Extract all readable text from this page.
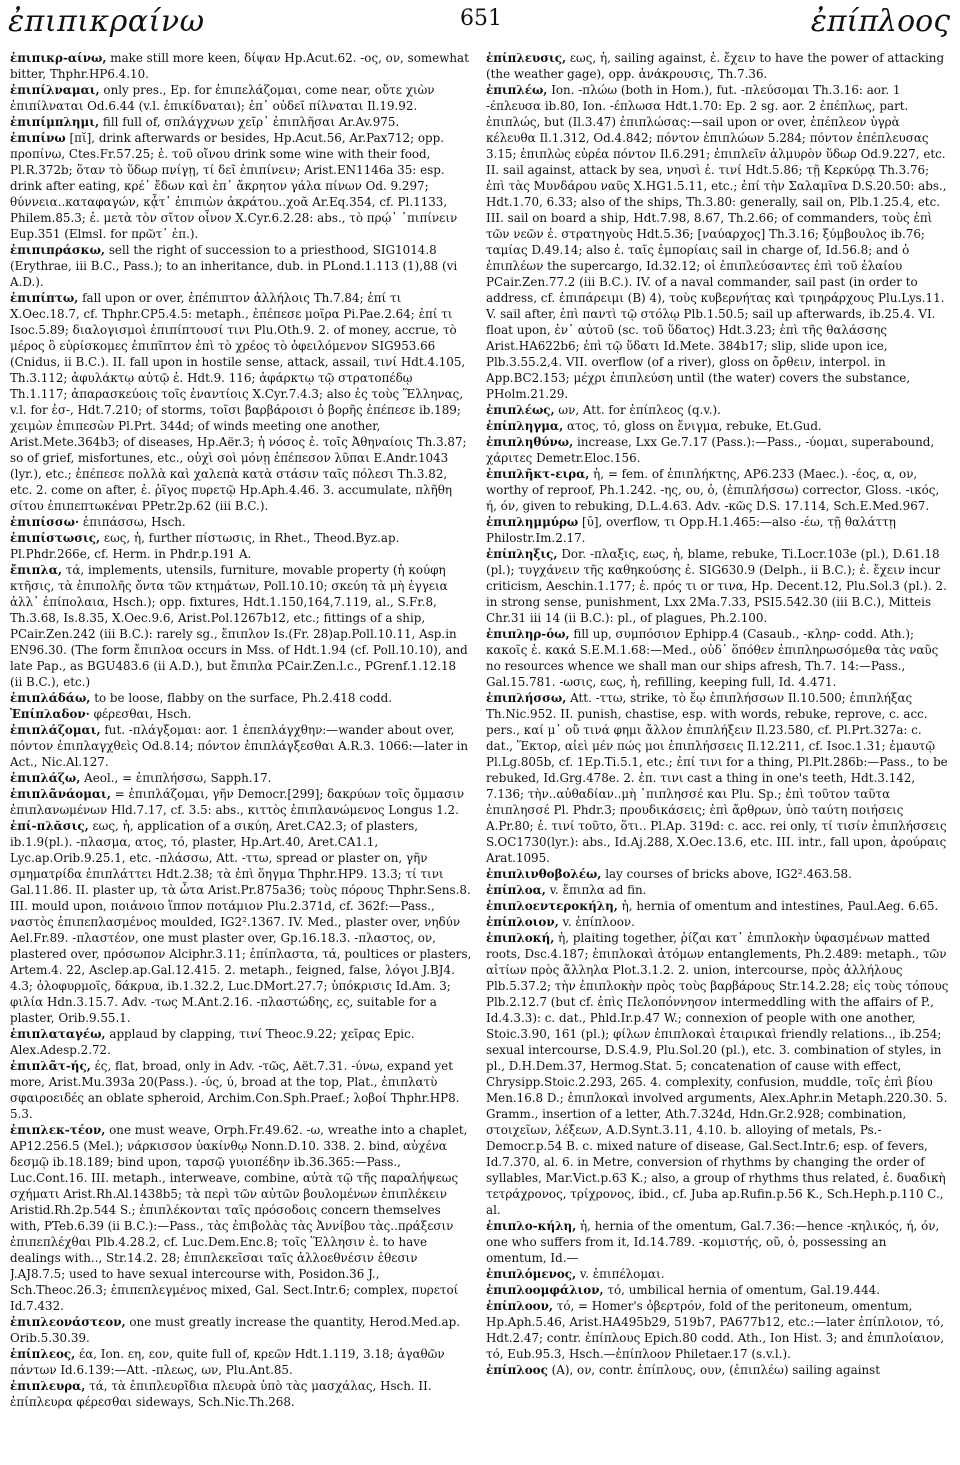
ἐπιπικραίνω	651	ἐπίπλοος

ἐπιπικρ-αίνω, make still more keen, δίψαν Hp.Acut.62. -ος, ον, somewhat bitter, Thphr.HP6.4.10.

ἐπιπίλναμαι, only pres., Ep. for ἐπιπελάζομαι, come near, οὔτε χιὼν ἐπιπίλναται Od.6.44 (v.l. ἐπικίδναται); ἐπ᾽ οὐδεῖ πίλναται Il.19.92.

ἐπιπίμπλημι, fill full of, σπλάγχνων χεῖρ᾽ ἐπιπλῆσαι Ar.Av.975.

ἐπιπίνω [πῐ], drink afterwards or besides, Hp.Acut.56, Ar.Pax712; opp. προπίνω, Ctes.Fr.57.25; ἐ. τοῦ οἴνου drink some wine with their food, Pl.R.372b; ὅταν τὸ ὕδωρ πνίγῃ, τί δεῖ ἐπιπίνειν; Arist.EN1146a 35: esp. drink after eating, κρέ᾽ ἔδων καὶ ἐπ᾽ ἄκρητον γάλα πίνων Od. 9.297; θύννεια..καταφαγών, κᾆτ᾽ ἐπιπιὼν ἀκράτου..χοᾶ Ar.Eq.354, cf. Pl.1133, Philem.85.3; ἐ. μετὰ τὸν σῖτον οἶνον X.Cyr.6.2.28: abs., τὸ πρῴ᾽ ᾽πιπίνειν Eup.351 (Elmsl. for πρῶτ᾽ ἐπ.).

ἐπιπιπράσκω, sell the right of succession to a priesthood, SIG1014.8 (Erythrae, iii B.C., Pass.); to an inheritance, dub. in PLond.1.113 (1),88 (vi A.D.).

ἐπιπίπτω, fall upon or over, ἐπέπιπτον ἀλλήλοις Th.7.84; ἐπί τι X.Oec.18.7, cf. Thphr.CP5.4.5: metaph., ἐπέπεσε μοῖρα Pi.Pae.2.64; ἐπί τι Isoc.5.89; διαλογισμοὶ ἐπιπίπτουσί τινι Plu.Oth.9. 2. of money, accrue, τὸ μέρος ὃ εὑρίσκομες ἐπιπῖπτον ἐπὶ τὸ χρέος τὸ ὀφειλόμενον SIG953.66 (Cnidus, ii B.C.). II. fall upon in hostile sense, attack, assail, τινί Hdt.4.105, Th.3.112; ἀφυλάκτῳ αὐτῷ ἐ. Hdt.9. 116; ἀφάρκτῳ τῷ στρατοπέδῳ Th.1.117; ἀπαρασκεύοις τοῖς ἐναντίοις X.Cyr.7.4.3; also ἐς τοὺς Ἕλληνας, v.l. for ἐσ-, Hdt.7.210; of storms, τοῖσι βαρβάροισι ὁ βορῆς ἐπέπεσε ib.189; χειμὼν ἐπιπεσὼν Pl.Prt. 344d; of winds meeting one another, Arist.Mete.364b3; of diseases, Hp.Aër.3; ἡ νόσος ἐ. τοῖς Ἀθηναίοις Th.3.87; so of grief, misfortunes, etc., οὐχὶ σοὶ μόνῃ ἐπέπεσον λῦπαι E.Andr.1043 (lyr.), etc.; ἐπέπεσε πολλὰ καὶ χαλεπὰ κατὰ στάσιν ταῖς πόλεσι Th.3.82, etc. 2. come on after, ἐ. ῥῖγος πυρετῷ Hp.Aph.4.46. 3. accumulate, πλῆθη σίτου ἐπιπεπτωκέναι PPetr.2p.62 (iii B.C.).

ἐπιπίσσω· ἐπιπάσσω, Hsch.

ἐπιπίστωσις, εως, ἡ, further πίστωσις, in Rhet., Theod.Byz.ap. Pl.Phdr.266e, cf. Herm. in Phdr.p.191 A.

ἔπιπλα, τά, implements, utensils, furniture, movable property (ἡ κούφη κτῆσις, τὰ ἐπιπολῆς ὄντα τῶν κτημάτων, Poll.10.10; σκεύη τὰ μὴ ἐγγεια ἀλλ᾽ ἐπίπολαια, Hsch.); opp. fixtures, Hdt.1.150,164,7.119, al., S.Fr.8, Th.3.68, Is.8.35, X.Oec.9.6, Arist.Pol.1267b12, etc.; fittings of a ship, PCair.Zen.242 (iii B.C.): rarely sg., ἔπιπλον Is.(Fr. 28)ap.Poll.10.11, Asp.in EN96.30. (The form ἔπιπλοα occurs in Mss. of Hdt.1.94 (cf. Poll.10.10), and late Pap., as BGU483.6 (ii A.D.), but ἔπιπλα PCair.Zen.l.c., PGrenf.1.12.18 (ii B.C.), etc.)

ἐπιπλάδάω, to be loose, flabby on the surface, Ph.2.418 codd.

Ἐπίπλαδον· φέρεσθαι, Hsch.

ἐπιπλάζομαι, fut. -πλάγξομαι: aor. 1 ἐπεπλάγχθην:—wander about over, πόντον ἐπιπλαγχθεὶς Od.8.14; πόντον ἐπιπλάγξεσθαι A.R.3. 1066:—later in Act., Nic.Al.127.

ἐπιπλάζω, Aeol., = ἐπιπλήσσω, Sapph.17.

ἐπιπλᾶνάομαι, = ἐπιπλάζομαι, γῆν Democr.[299]; δακρύων τοῖς ὄμμασιν ἐπιπλανωμένων Hld.7.17, cf. 3.5: abs., κιττὸς ἐπιπλανώμενος Longus 1.2.

ἐπί-πλᾰσις, εως, ἡ, application of a σικύη, Aret.CA2.3; of plasters, ib.1.9(pl.). -πλασμα, ατος, τό, plaster, Hp.Art.40, Aret.CA1.1, Lyc.ap.Orib.9.25.1, etc. -πλάσσω, Att. -ττω, spread or plaster on, γῆν σμηματρίδα ἐπιπλάττει Hdt.2.38; τὰ ἐπὶ ὅηγμα Thphr.HP9. 13.3; τί τινι Gal.11.86. II. plaster up, τὰ ὦτα Arist.Pr.875a36; τοὺς πόρους Thphr.Sens.8. III. mould upon, ποιάνοιο ἵππον ποτάμιον Plu.2.371d, cf. 362f:—Pass., ναστὸς ἐπιπεπλασμένος moulded, IG2².1367. IV. Med., plaster over, νηδύν Ael.Fr.89. -πλαστέον, one must plaster over, Gp.16.18.3. -πλαστος, ον, plastered over, πρόσωπον Alciphr.3.11; ἐπίπλαστα, τά, poultices or plasters, Artem.4. 22, Asclep.ap.Gal.12.415. 2. metaph., feigned, false, λόγοι J.BJ4. 4.3; ὀλοφυρμοῖς, δάκρυα, ib.1.32.2, Luc.DMort.27.7; ὑπόκρισις Id.Am. 3; φιλία Hdn.3.15.7. Adv. -τως M.Ant.2.16. -πλαστώδης, ες, suitable for a plaster, Orib.9.55.1.

ἐπιπλαταγέω, applaud by clapping, τινί Theoc.9.22; χεῖρας Epic. Alex.Adesp.2.72.

ἐπιπλᾶτ-ής, ές, flat, broad, only in Adv. -τῶς, Aët.7.31. -ύνω, expand yet more, Arist.Mu.393a 20(Pass.). -ύς, ύ, broad at the top, Plat., ἐπιπλατὺ σφαιροειδές an oblate spheroid, Archim.Con.Sph.Praef.; λοβοί Thphr.HP8. 5.3.

ἐπιπλεκ-τέον, one must weave, Orph.Fr.49.62. -ω, wreathe into a chaplet, AP12.256.5 (Mel.); νάρκισσον ὑακίνθῳ Nonn.D.10. 338. 2. bind, αὐχένα δεσμῷ ib.18.189; bind upon, ταρσῷ γυιοπέδην ib.36.365:—Pass., Luc.Cont.16. III. metaph., interweave, combine, αὐτὰ τῷ τῆς παραλήψεως σχήματι Arist.Rh.Al.1438b5; τὰ περὶ τῶν αὐτῶν βουλομένων ἐπιπλέκειν Aristid.Rh.2p.544 S.; ἐπιπλέκονται ταῖς πρόσοδοις concern themselves with, PTeb.6.39 (ii B.C.):—Pass., τὰς ἐπιβολὰς τὰς Ἀννίβου τὰς..πράξεσιν ἐπιπεπλέχθαι Plb.4.28.2, cf. Luc.Dem.Enc.8; τοῖς Ἕλλησιν ἐ. to have dealings with.., Str.14.2. 28; ἐπιπλεκεῖσαι ταῖς ἀλλοεθνέσιν ἐθεσιν J.AJ8.7.5; used to have sexual intercourse with, Posidon.36 J., Sch.Theoc.26.3; ἐπιπεπλεγμένος mixed, Gal. Sect.Intr.6; complex, πυρετοί Id.7.432.

ἐπιπλεονάστεον, one must greatly increase the quantity, Herod.Med.ap. Orib.5.30.39.

ἐπίπλεος, έα, Ion. εη, εον, quite full of, κρεῶν Hdt.1.119, 3.18; ἀγαθῶν πάντων Id.6.139:—Att. -πλεως, ων, Plu.Ant.85.

ἐπιπλευρα, τά, τὰ ἐπιπλευρῖδια πλευρὰ ὑπὸ τὰς μασχάλας, Hsch. II. ἐπίπλευρα φέρεσθαι sideways, Sch.Nic.Th.268.

ἐπίπλευσις, εως, ἡ, sailing against, ἐ. ἔχειν to have the power of attacking (the weather gage), opp. ἀνάκρουσις, Th.7.36.

ἐπιπλέω, Ion. -πλώω (both in Hom.), fut. -πλεύσομαι Th.3.16: aor. 1 -έπλευσα ib.80, Ion. -έπλωσα Hdt.1.70: Ep. 2 sg. aor. 2 ἐπέπλως, part. ἐπιπλώς, but (Il.3.47) ἐπιπλώσας:—sail upon or over, ἐπέπλεον ὑγρὰ κέλευθα Il.1.312, Od.4.842; πόντον ἐπιπλώων 5.284; πόντον ἐπέπλευσας 3.15; ἐπιπλὼς εὐρέα πόντον Il.6.291; ἐπιπλεῖν ἁλμυρὸν ὕδωρ Od.9.227, etc. II. sail against, attack by sea, νηυσὶ ἐ. τινί Hdt.5.86; τῇ Κερκύρᾳ Th.3.76; ἐπὶ τὰς Μυνδάρου ναῦς X.HG1.5.11, etc.; ἐπί τὴν Σαλαμῖνα D.S.20.50: abs., Hdt.1.70, 6.33; also of the ships, Th.3.80: generally, sail on, Plb.1.25.4, etc. III. sail on board a ship, Hdt.7.98, 8.67, Th.2.66; of commanders, τοὺς ἐπὶ τῶν νεῶν ἐ. στρατηγοὺς Hdt.5.36; [ναύαρχος] Th.3.16; ξύμβουλος ib.76; ταμίας D.49.14; also ἐ. ταῖς ἐμπορίαις sail in charge of, Id.56.8; and ὁ ἐπιπλέων the supercargo, Id.32.12; οἱ ἐπιπλεύσαντες ἐπὶ τοῦ ἐλαίου PCair.Zen.77.2 (iii B.C.). IV. of a naval commander, sail past (in order to address, cf. ἐπιπάρειμι (B) 4), τοὺς κυβερνήτας καὶ τριηράρχους Plu.Lys.11. V. sail after, ἐπὶ παντὶ τῷ στόλῳ Plb.1.50.5; sail up afterwards, ib.25.4. VI. float upon, ἐν᾽ αὐτοῦ (sc. τοῦ ὕδατος) Hdt.3.23; ἐπὶ τῆς θαλάσσης Arist.HA622b6; ἐπὶ τῷ ὕδατι Id.Mete. 384b17; slip, slide upon ice, Plb.3.55.2,4. VII. overflow (of a river), gloss on ὄρθειν, interpol. in App.BC2.153; μέχρι ἐπιπλεύση until (the water) covers the substance, PHolm.21.29.

ἐπιπλέως, ων, Att. for ἐπίπλεος (q.v.).

ἐπίπληγμα, ατος, τό, gloss on ἔνιγμα, rebuke, Et.Gud.

ἐπιπληθύνω, increase, Lxx Ge.7.17 (Pass.):—Pass., -ύομαι, superabound, χάριτες Demetr.Eloc.156.

ἐπιπλῆκτ-ειρα, ἡ, = fem. of ἐπιπλήκτης, AP6.233 (Maec.). -έος, α, ον, worthy of reproof, Ph.1.242. -ης, ου, ὁ, (ἐπιπλήσσω) corrector, Gloss. -ικός, ή, όν, given to rebuking, D.L.4.63. Adv. -κῶς D.S. 17.114, Sch.E.Med.967.

ἐπιπλημμύρω [ῡ], overflow, τι Opp.H.1.465:—also -έω, τῇ θαλάττῃ Philostr.Im.2.17.

ἐπίπληξις, Dor. -πλαξις, εως, ἡ, blame, rebuke, Ti.Locr.103e (pl.), D.61.18 (pl.); τυγχάνειν τῆς καθηκούσης ἐ. SIG630.9 (Delph., ii B.C.); ἐ. ἔχειν incur criticism, Aeschin.1.177; ἐ. πρός τι or τινα, Hp. Decent.12, Plu.Sol.3 (pl.). 2. in strong sense, punishment, Lxx 2Ma.7.33, PSI5.542.30 (iii B.C.), Mitteis Chr.31 iii 14 (ii B.C.): pl., of plagues, Ph.2.100.

ἐπιπληρ-όω, fill up, συμπόσιον Ephipp.4 (Casaub., -κληρ- codd. Ath.); κακοῖς ἐ. κακά S.E.M.1.68:—Med., οὐδ᾽ ὅπόθεν ἐπιπληρωσόμεθα τὰς ναῦς no resources whence we shall man our ships afresh, Th.7. 14:—Pass., Gal.15.781. -ωσις, εως, ἡ, refilling, keeping full, Id. 4.471.

ἐπιπλήσσω, Att. -ττω, strike, τὸ ἔῳ ἐπιπλήσσων Il.10.500; ἐπιπλήξας Th.Nic.952. II. punish, chastise, esp. with words, rebuke, reprove, c. acc. pers., καί μ᾽ οὔ τινά φημι ἄλλον ἐπιπλήξειν Il.23.580, cf. Pl.Prt.327a: c. dat., Ἕκτορ, αἰεὶ μέν πώς μοι ἐπιπλήσσεις Il.12.211, cf. Isoc.1.31; ἐμαυτῷ Pl.Lg.805b, cf. 1Ep.Ti.5.1, etc.; ἐπί τινι for a thing, Pl.Plt.286b:—Pass., to be rebuked, Id.Grg.478e. 2. ἐπ. τινι cast a thing in one's teeth, Hdt.3.142, 7.136; τὴν..αὐθαδίαν..μὴ ᾽πιπλησσέ και Plu. Sp.; ἐπὶ τοῦτον ταῦτα ἐπιπλησσέ Pl. Phdr.3; προυδικάσεις; ἐπὶ ἄρθρων, ὑπὸ ταύτη ποιήσεις A.Pr.80; ἐ. τινί τοῦτο, ὅτι.. Pl.Ap. 319d: c. acc. rei only, τί τισίν ἐπιπλήσσεις S.OC1730(lyr.): abs., Id.Aj.288, X.Oec.13.6, etc. III. intr., fall upon, ἀρούραις Arat.1095.

ἐπιπλινθοβολέω, lay courses of bricks above, IG2².463.58.

ἐπίπλοα, v. ἔπιπλα ad fin.

ἐπιπλοεντεροκήλη, ἡ, hernia of omentum and intestines, Paul.Aeg. 6.65.

ἐπίπλοιον, v. ἐπίπλοον.

ἐπιπλοκή, ἡ, plaiting together, ῥίζαι κατ᾽ ἐπιπλοκὴν ὑφασμένων matted roots, Dsc.4.187; ἐπιπλοκαὶ ἀτόμων entanglements, Ph.2.489: metaph., τῶν αἰτίων πρὸς ἄλληλα Plot.3.1.2. 2. union, intercourse, πρὸς ἀλλήλους Plb.5.37.2; τὴν ἐπιπλοκὴν πρὸς τοὺς βαρβάρους Str.14.2.28; εἰς τοὺς τόπους Plb.2.12.7 (but cf. ἐπὶς Πελοπόννησον intermeddling with the affairs of P., Id.4.3.3): c. dat., Phld.Ir.p.47 W.; connexion of people with one another, Stoic.3.90, 161 (pl.); φίλων ἐπιπλοκαὶ ἑταιρικαὶ friendly relations.., ib.254; sexual intercourse, D.S.4.9, Plu.Sol.20 (pl.), etc. 3. combination of styles, in pl., D.H.Dem.37, Hermog.Stat. 5; concatenation of cause with effect, Chrysipp.Stoic.2.293, 265. 4. complexity, confusion, muddle, τοῖς ἐπὶ βίου Men.16.8 D.; ἐπιπλοκαὶ involved arguments, Alex.Aphr.in Metaph.220.30. 5. Gramm., insertion of a letter, Ath.7.324d, Hdn.Gr.2.928; combination, στοιχεῖων, λέξεων, A.D.Synt.3.11, 4.10. b. alloying of metals, Ps.-Democr.p.54 B. c. mixed nature of disease, Gal.Sect.Intr.6; esp. of fevers, Id.7.370, al. 6. in Metre, conversion of rhythms by changing the order of syllables, Mar.Vict.p.63 K.; also, a group of rhythms thus related, ἐ. δυαδικὴ τετράχρονος, τρίχρονος, ibid., cf. Juba ap.Rufin.p.56 K., Sch.Heph.p.110 C., al.

ἐπιπλο-κήλη, ἡ, hernia of the omentum, Gal.7.36:—hence -κηλικός, ή, όν, one who suffers from it, Id.14.789. -κομιστής, οῦ, ὁ, possessing an omentum, Id.—

ἐπιπλόμενος, v. ἐπιπέλομαι.

ἐπιπλοομφάλιον, τό, umbilical hernia of omentum, Gal.19.444.

ἐπίπλοον, τό, = Homer's ὀβερτρόν, fold of the peritoneum, omentum, Hp.Aph.5.46, Arist.HA495b29, 519b7, PA677b12, etc.:—later ἐπίπλοιον, τό, Hdt.2.47; contr. ἐπίπλους Epich.80 codd. Ath., Ion Hist. 3; and ἐπιπλοίαιον, τό, Eub.95.3, Hsch.—ἐπίπλοον Philetaer.17 (s.v.l.).

ἐπίπλοος (A), ον, contr. ἐπίπλους, ουν, (ἐπιπλέω) sailing against
